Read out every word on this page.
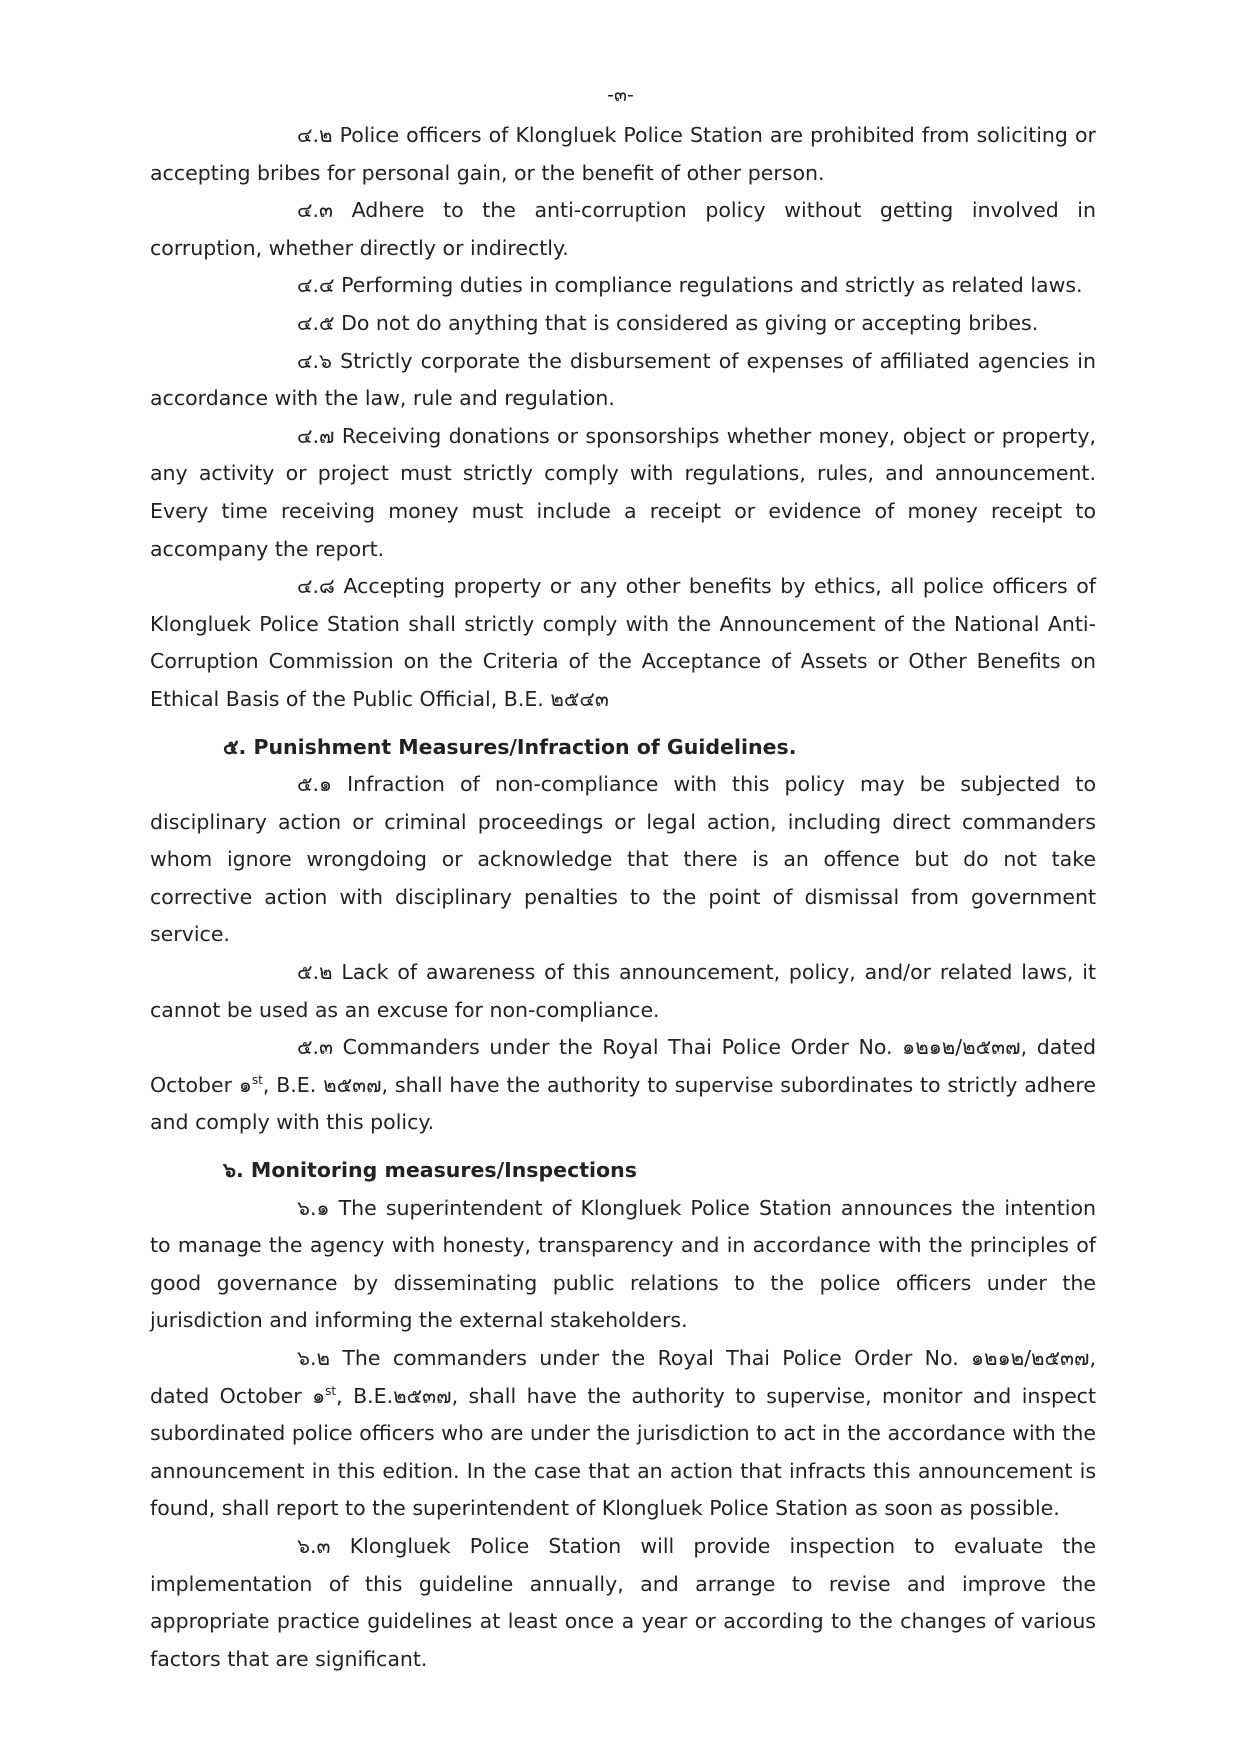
-๓-

๔.๒ Police officers of Klongluek Police Station are prohibited from soliciting or accepting bribes for personal gain, or the benefit of other person.

๔.๓ Adhere to the anti-corruption policy without getting involved in corruption, whether directly or indirectly.

๔.๔ Performing duties in compliance regulations and strictly as related laws.

๔.๕ Do not do anything that is considered as giving or accepting bribes.

๔.๖ Strictly corporate the disbursement of expenses of affiliated agencies in accordance with the law, rule and regulation.

๔.๗ Receiving donations or sponsorships whether money, object or property, any activity or project must strictly comply with regulations, rules, and announcement. Every time receiving money must include a receipt or evidence of money receipt to accompany the report.

๔.๘ Accepting property or any other benefits by ethics, all police officers of Klongluek Police Station shall strictly comply with the Announcement of the National Anti-Corruption Commission on the Criteria of the Acceptance of Assets or Other Benefits on Ethical Basis of the Public Official, B.E. ๒๕๔๓

๕. Punishment Measures/Infraction of Guidelines.

๕.๑ Infraction of non-compliance with this policy may be subjected to disciplinary action or criminal proceedings or legal action, including direct commanders whom ignore wrongdoing or acknowledge that there is an offence but do not take corrective action with disciplinary penalties to the point of dismissal from government service.

๕.๒ Lack of awareness of this announcement, policy, and/or related laws, it cannot be used as an excuse for non-compliance.

๕.๓ Commanders under the Royal Thai Police Order No. ๑๒๑๒/๒๕๓๗, dated October ๑$^{st}$, B.E. ๒๕๓๗, shall have the authority to supervise subordinates to strictly adhere and comply with this policy.

๖. Monitoring measures/Inspections

๖.๑ The superintendent of Klongluek Police Station announces the intention to manage the agency with honesty, transparency and in accordance with the principles of good governance by disseminating public relations to the police officers under the jurisdiction and informing the external stakeholders.

๖.๒ The commanders under the Royal Thai Police Order No. ๑๒๑๒/๒๕๓๗, dated October ๑$^{st}$, B.E.๒๕๓๗, shall have the authority to supervise, monitor and inspect subordinated police officers who are under the jurisdiction to act in the accordance with the announcement in this edition. In the case that an action that infracts this announcement is found, shall report to the superintendent of Klongluek Police Station as soon as possible.

๖.๓ Klongluek Police Station will provide inspection to evaluate the implementation of this guideline annually, and arrange to revise and improve the appropriate practice guidelines at least once a year or according to the changes of various factors that are significant.
